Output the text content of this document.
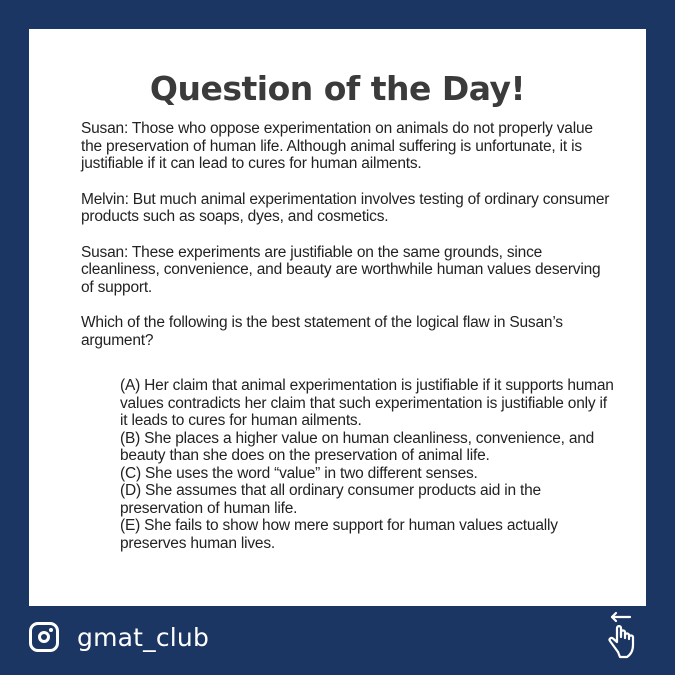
Question of the Day!

Susan: Those who oppose experimentation on animals do not properly value the preservation of human life. Although animal suffering is unfortunate, it is justifiable if it can lead to cures for human ailments.

Melvin: But much animal experimentation involves testing of ordinary consumer products such as soaps, dyes, and cosmetics.

Susan: These experiments are justifiable on the same grounds, since cleanliness, convenience, and beauty are worthwhile human values deserving of support.

Which of the following is the best statement of the logical flaw in Susan’s argument?

(A) Her claim that animal experimentation is justifiable if it supports human values contradicts her claim that such experimentation is justifiable only if it leads to cures for human ailments.

(B) She places a higher value on human cleanliness, convenience, and beauty than she does on the preservation of animal life.

(C) She uses the word “value” in two different senses.

(D) She assumes that all ordinary consumer products aid in the preservation of human life.

(E) She fails to show how mere support for human values actually preserves human lives.

gmat_club
